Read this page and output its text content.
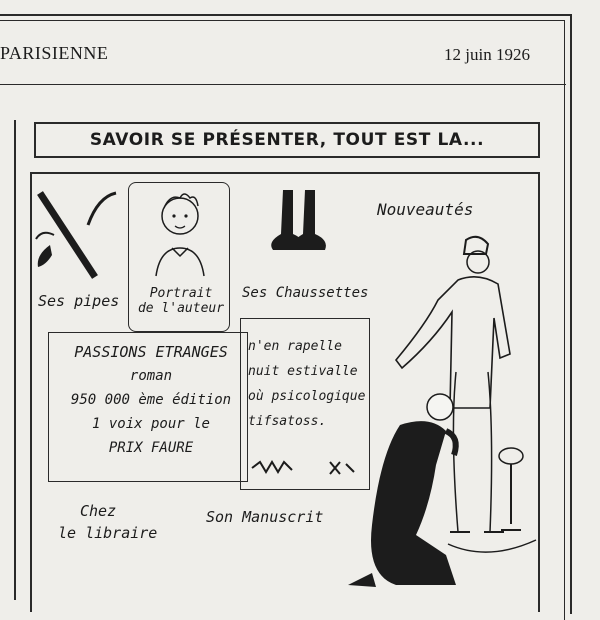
PARISIENNE	12 juin 1926
SAVOIR SE PRÉSENTER, TOUT EST LA...
Ses pipes	Portrait
de l'auteur
Ses Chaussettes
Nouveautés
PASSIONS ETRANGES
roman
950 000 ème édition
1 voix pour le
PRIX FAURE
n'en rapelle
nuit estivalle
où psicologique
tifsatoss.
Chez
le libraire
Son Manuscrit
